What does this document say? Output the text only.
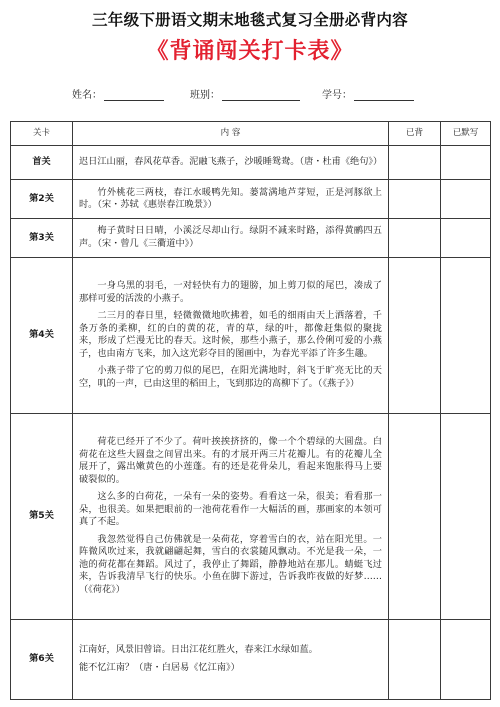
三年级下册语文期末地毯式复习全册必背内容
《背诵闯关打卡表》
姓名：	班别：	学号：
关卡	内 容	已背	已默写
首关	迟日江山丽，春风花草香。泥融飞燕子，沙暖睡鸳鸯。（唐・杜甫《绝句》）		

第2关	竹外桃花三两枝，春江水暖鸭先知。蒌蒿满地芦芽短，正是河豚欲上时。（宋・苏轼《惠崇春江晚景》）		

第3关	梅子黄时日日晴，小溪泛尽却山行。绿阴不减来时路，添得黄鹂四五声。（宋・曾几《三衢道中》）		

第4关	一身乌黑的羽毛，一对轻快有力的翅膀，加上剪刀似的尾巴，凑成了那样可爱的活泼的小燕子。

二三月的春日里，轻微微微地吹拂着，如毛的细雨由天上洒落着，千条万条的柔柳，红的白的黄的花，青的草，绿的叶，都像赶集似的聚拢来，形成了烂漫无比的春天。这时候，那些小燕子，那么伶俐可爱的小燕子，也由南方飞来，加入这光彩夺目的图画中，为春光平添了许多生趣。

小燕子带了它的剪刀似的尾巴，在阳光满地时，斜飞于旷亮无比的天空，叽的一声，已由这里的稻田上，飞到那边的高柳下了。（《燕子》）		

第5关	荷花已经开了不少了。荷叶挨挨挤挤的，像一个个碧绿的大圆盘。白荷花在这些大圆盘之间冒出来。有的才展开两三片花瓣儿。有的花瓣儿全展开了，露出嫩黄色的小莲蓬。有的还是花骨朵儿，看起来饱胀得马上要破裂似的。

这么多的白荷花，一朵有一朵的姿势。看看这一朵，很美；看看那一朵，也很美。如果把眼前的一池荷花看作一大幅活的画，那画家的本领可真了不起。

我忽然觉得自己仿佛就是一朵荷花，穿着雪白的衣，站在阳光里。一阵微风吹过来，我就翩翩起舞，雪白的衣裳随风飘动。不光是我一朵，一池的荷花都在舞蹈。风过了，我停止了舞蹈，静静地站在那儿。蜻蜓飞过来，告诉我清早飞行的快乐。小鱼在脚下游过，告诉我昨夜做的好梦……（《荷花》）		

第6关	江南好，风景旧曾谙。日出江花红胜火，春来江水绿如蓝。

能不忆江南？（唐・白居易《忆江南》）		
